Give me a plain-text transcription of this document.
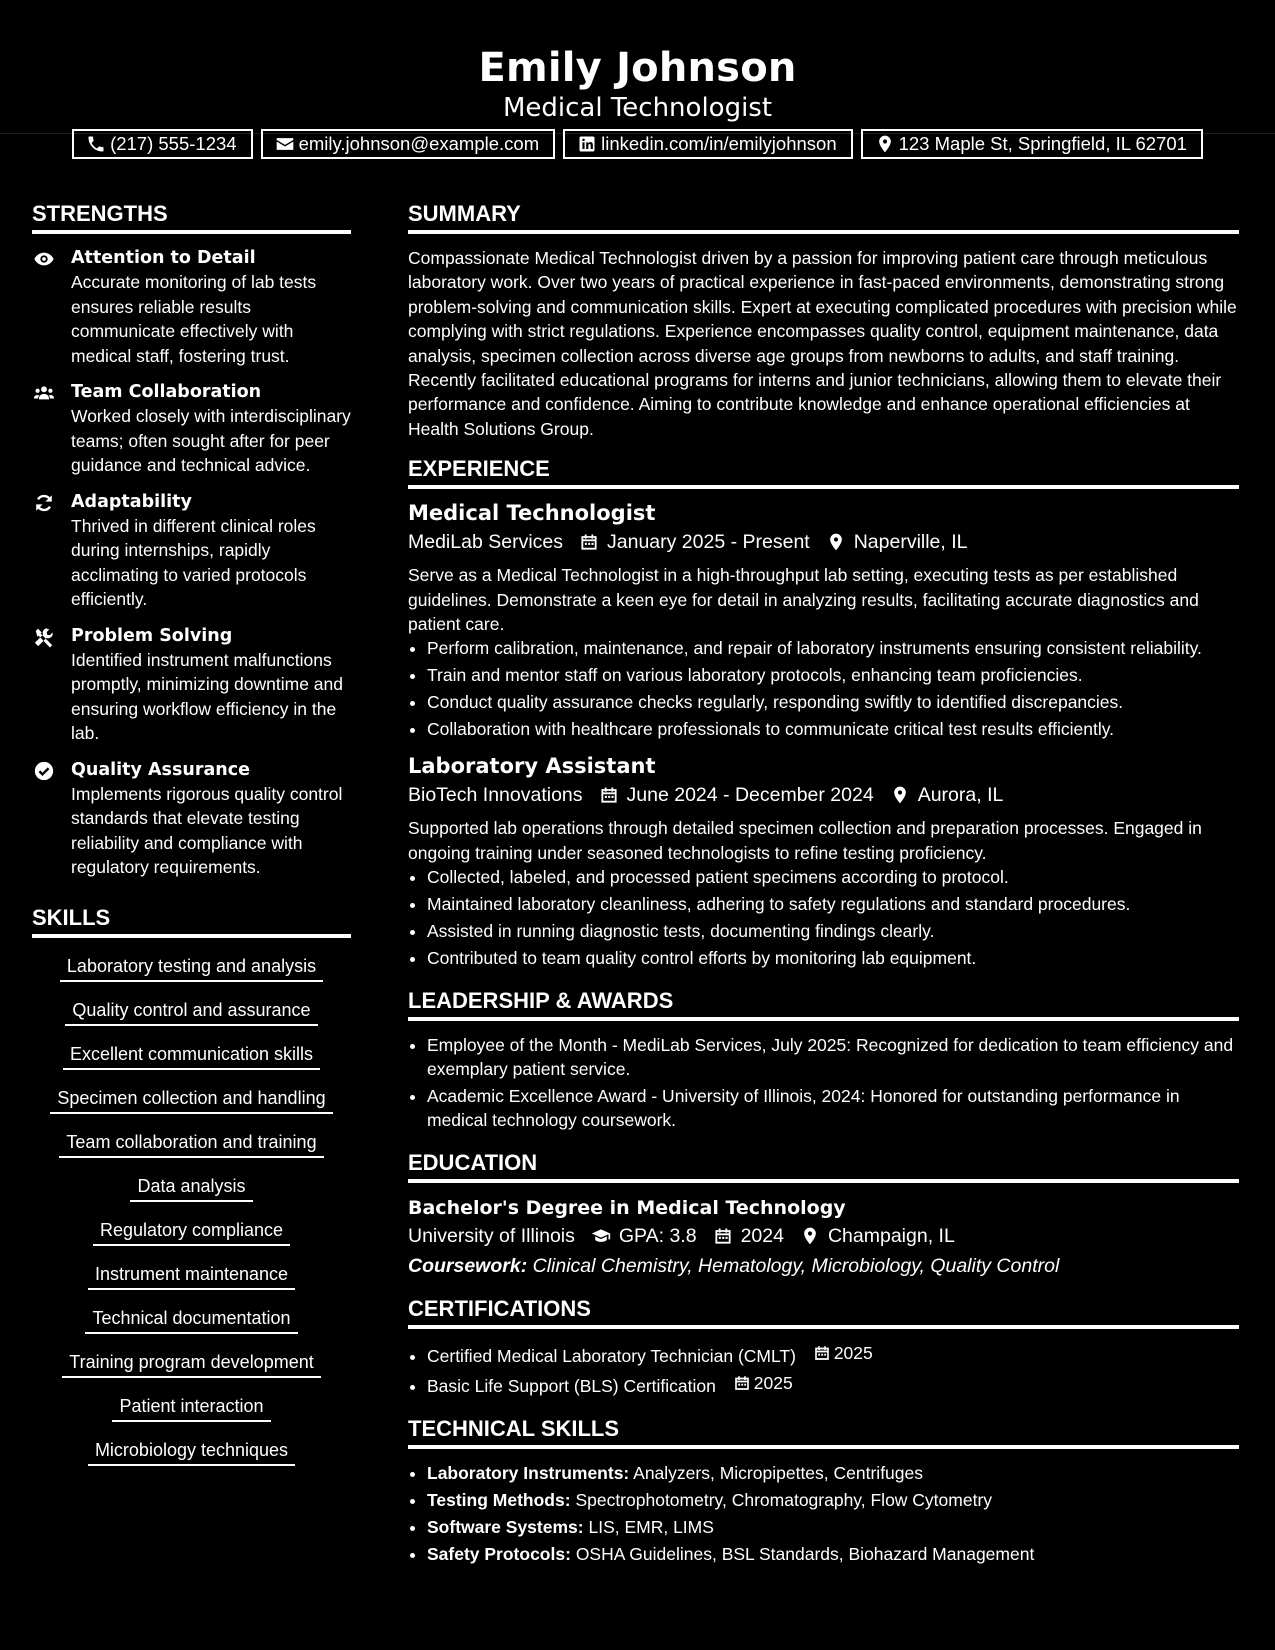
Emily Johnson
Medical Technologist
(217) 555-1234	emily.johnson@example.com	linkedin.com/in/emilyjohnson	123 Maple St, Springfield, IL 62701
STRENGTHS
Attention to Detail
Accurate monitoring of lab tests ensures reliable results communicate effectively with medical staff, fostering trust.
Team Collaboration
Worked closely with interdisciplinary teams; often sought after for peer guidance and technical advice.
Adaptability
Thrived in different clinical roles during internships, rapidly acclimating to varied protocols efficiently.
Problem Solving
Identified instrument malfunctions promptly, minimizing downtime and ensuring workflow efficiency in the lab.
Quality Assurance
Implements rigorous quality control standards that elevate testing reliability and compliance with regulatory requirements.
SKILLS
Laboratory testing and analysis
Quality control and assurance
Excellent communication skills
Specimen collection and handling
Team collaboration and training
Data analysis
Regulatory compliance
Instrument maintenance
Technical documentation
Training program development
Patient interaction
Microbiology techniques
SUMMARY

Compassionate Medical Technologist driven by a passion for improving patient care through meticulous laboratory work. Over two years of practical experience in fast-paced environments, demonstrating strong problem-solving and communication skills. Expert at executing complicated procedures with precision while complying with strict regulations. Experience encompasses quality control, equipment maintenance, data analysis, specimen collection across diverse age groups from newborns to adults, and staff training. Recently facilitated educational programs for interns and junior technicians, allowing them to elevate their performance and confidence. Aiming to contribute knowledge and enhance operational efficiencies at Health Solutions Group.

EXPERIENCE
Medical Technologist
MediLab Services January 2025 - Present Naperville, IL

Serve as a Medical Technologist in a high-throughput lab setting, executing tests as per established guidelines. Demonstrate a keen eye for detail in analyzing results, facilitating accurate diagnostics and patient care.

• Perform calibration, maintenance, and repair of laboratory instruments ensuring consistent reliability.
• Train and mentor staff on various laboratory protocols, enhancing team proficiencies.
• Conduct quality assurance checks regularly, responding swiftly to identified discrepancies.
• Collaboration with healthcare professionals to communicate critical test results efficiently.
Laboratory Assistant
BioTech Innovations June 2024 - December 2024 Aurora, IL

Supported lab operations through detailed specimen collection and preparation processes. Engaged in ongoing training under seasoned technologists to refine testing proficiency.

• Collected, labeled, and processed patient specimens according to protocol.
• Maintained laboratory cleanliness, adhering to safety regulations and standard procedures.
• Assisted in running diagnostic tests, documenting findings clearly.
• Contributed to team quality control efforts by monitoring lab equipment.
LEADERSHIP & AWARDS
• Employee of the Month - MediLab Services, July 2025: Recognized for dedication to team efficiency and exemplary patient service.
• Academic Excellence Award - University of Illinois, 2024: Honored for outstanding performance in medical technology coursework.
EDUCATION
Bachelor's Degree in Medical Technology
University of Illinois GPA: 3.8 2024 Champaign, IL
Coursework: Clinical Chemistry, Hematology, Microbiology, Quality Control
CERTIFICATIONS
• Certified Medical Laboratory Technician (CMLT) 2025
• Basic Life Support (BLS) Certification 2025
TECHNICAL SKILLS
• Laboratory Instruments: Analyzers, Micropipettes, Centrifuges
• Testing Methods: Spectrophotometry, Chromatography, Flow Cytometry
• Software Systems: LIS, EMR, LIMS
• Safety Protocols: OSHA Guidelines, BSL Standards, Biohazard Management
